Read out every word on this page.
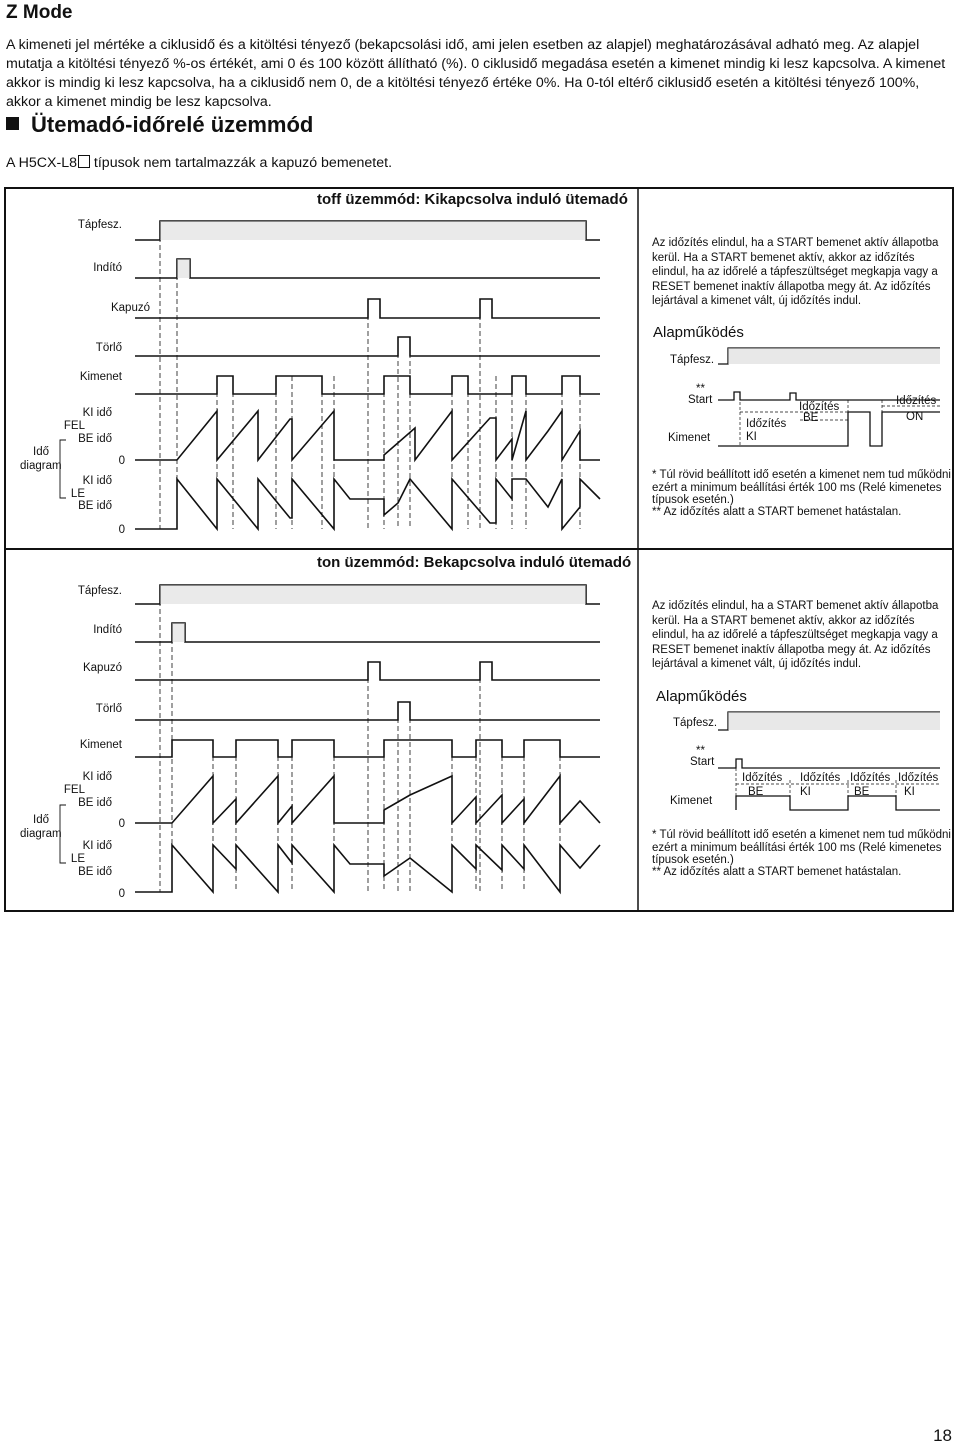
Z Mode
A kimeneti jel mértéke a ciklusidő és a kitöltési tényező (bekapcsolási idő, ami jelen esetben az alapjel) meghatározásával adható meg. Az alapjel mutatja a kitöltési tényező %-os értékét, ami 0 és 100 között állítható (%). 0 ciklusidő megadása esetén a kimenet mindig ki lesz kapcsolva. A kimenet akkor is mindig ki lesz kapcsolva, ha a ciklusidő nem 0, de a kitöltési tényező értéke 0%. Ha 0-tól eltérő ciklusidő esetén a kitöltési tényező 100%, akkor a kimenet mindig be lesz kapcsolva.
Ütemadó-időrelé üzemmód
A H5CX-L8 típusok nem tartalmazzák a kapuzó bemenetet.
toff üzemmód: Kikapcsolva induló ütemadó
Tápfesz.
Indító
Kapuzó
Törlő
Kimenet
KI idő
FEL
BE idő
0
KI idő
LE
BE idő
0
Idő
diagram
Az időzítés elindul, ha a START bemenet aktív állapotba kerül. Ha a START bemenet aktív, akkor az időzítés elindul, ha az időrelé a tápfeszültséget megkapja vagy a RESET bemenet inaktív állapotba megy át. Az időzítés lejártával a kimenet vált, új időzítés indul.
Alapműködés
Tápfesz.
**
Start
Kimenet
Időzítés
KI
Időzítés
BE
Időzítés
ON
* Túl rövid beállított idő esetén a kimenet nem tud működni ezért a minimum beállítási érték 100 ms (Relé kimenetes típusok esetén.)
** Az időzítés alatt a START bemenet hatástalan.
ton üzemmód: Bekapcsolva induló ütemadó
Tápfesz.
Indító
Kapuzó
Törlő
Kimenet
KI idő
FEL
BE idő
0
KI idő
LE
BE idő
0
Idő
diagram
Az időzítés elindul, ha a START bemenet aktív állapotba kerül. Ha a START bemenet aktív, akkor az időzítés elindul, ha az időrelé a tápfeszültséget megkapja vagy a RESET bemenet inaktív állapotba megy át. Az időzítés lejártával a kimenet vált, új időzítés indul.
Alapműködés
Tápfesz.
**
Start
Kimenet
Időzítés
BE
Időzítés
KI
Időzítés
BE
Időzítés
KI
* Túl rövid beállított idő esetén a kimenet nem tud működni ezért a minimum beállítási érték 100 ms (Relé kimenetes típusok esetén.)
** Az időzítés alatt a START bemenet hatástalan.
18
